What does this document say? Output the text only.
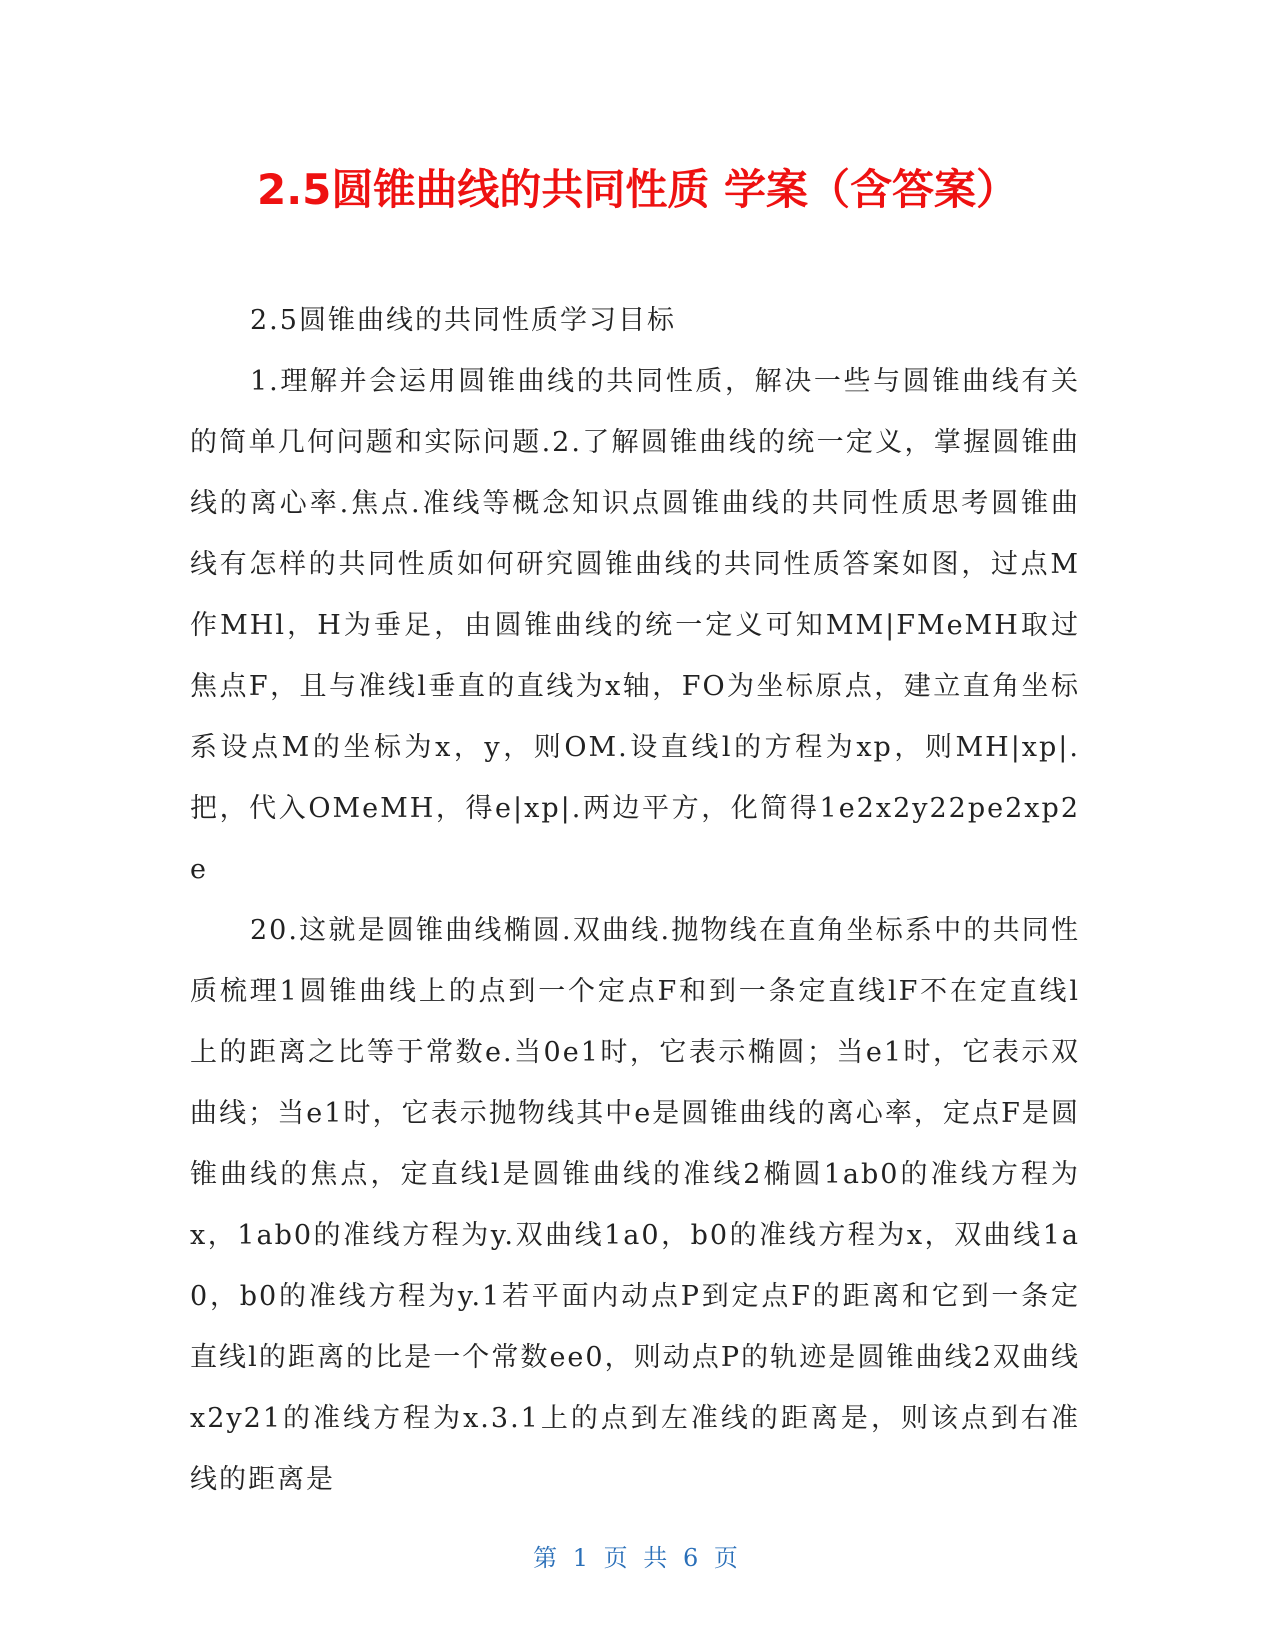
2.5圆锥曲线的共同性质 学案（含答案）

2.5圆锥曲线的共同性质学习目标

1.理解并会运用圆锥曲线的共同性质，解决一些与圆锥曲线有关的简单几何问题和实际问题.2.了解圆锥曲线的统一定义，掌握圆锥曲线的离心率.焦点.准线等概念知识点圆锥曲线的共同性质思考圆锥曲线有怎样的共同性质如何研究圆锥曲线的共同性质答案如图，过点M作MHl，H为垂足，由圆锥曲线的统一定义可知MM|FMeMH取过焦点F，且与准线l垂直的直线为x轴，FO为坐标原点，建立直角坐标系设点M的坐标为x，y，则OM.设直线l的方程为xp，则MH|xp|.把，代入OMeMH，得e|xp|.两边平方，化简得1e2x2y22pe2xp2e

20.这就是圆锥曲线椭圆.双曲线.抛物线在直角坐标系中的共同性质梳理1圆锥曲线上的点到一个定点F和到一条定直线lF不在定直线l上的距离之比等于常数e.当0e1时，它表示椭圆；当e1时，它表示双曲线；当e1时，它表示抛物线其中e是圆锥曲线的离心率，定点F是圆锥曲线的焦点，定直线l是圆锥曲线的准线2椭圆1ab0的准线方程为x，1ab0的准线方程为y.双曲线1a0，b0的准线方程为x，双曲线1a0，b0的准线方程为y.1若平面内动点P到定点F的距离和它到一条定直线l的距离的比是一个常数ee0，则动点P的轨迹是圆锥曲线2双曲线x2y21的准线方程为x.3.1上的点到左准线的距离是，则该点到右准线的距离是

第 1 页 共 6 页
